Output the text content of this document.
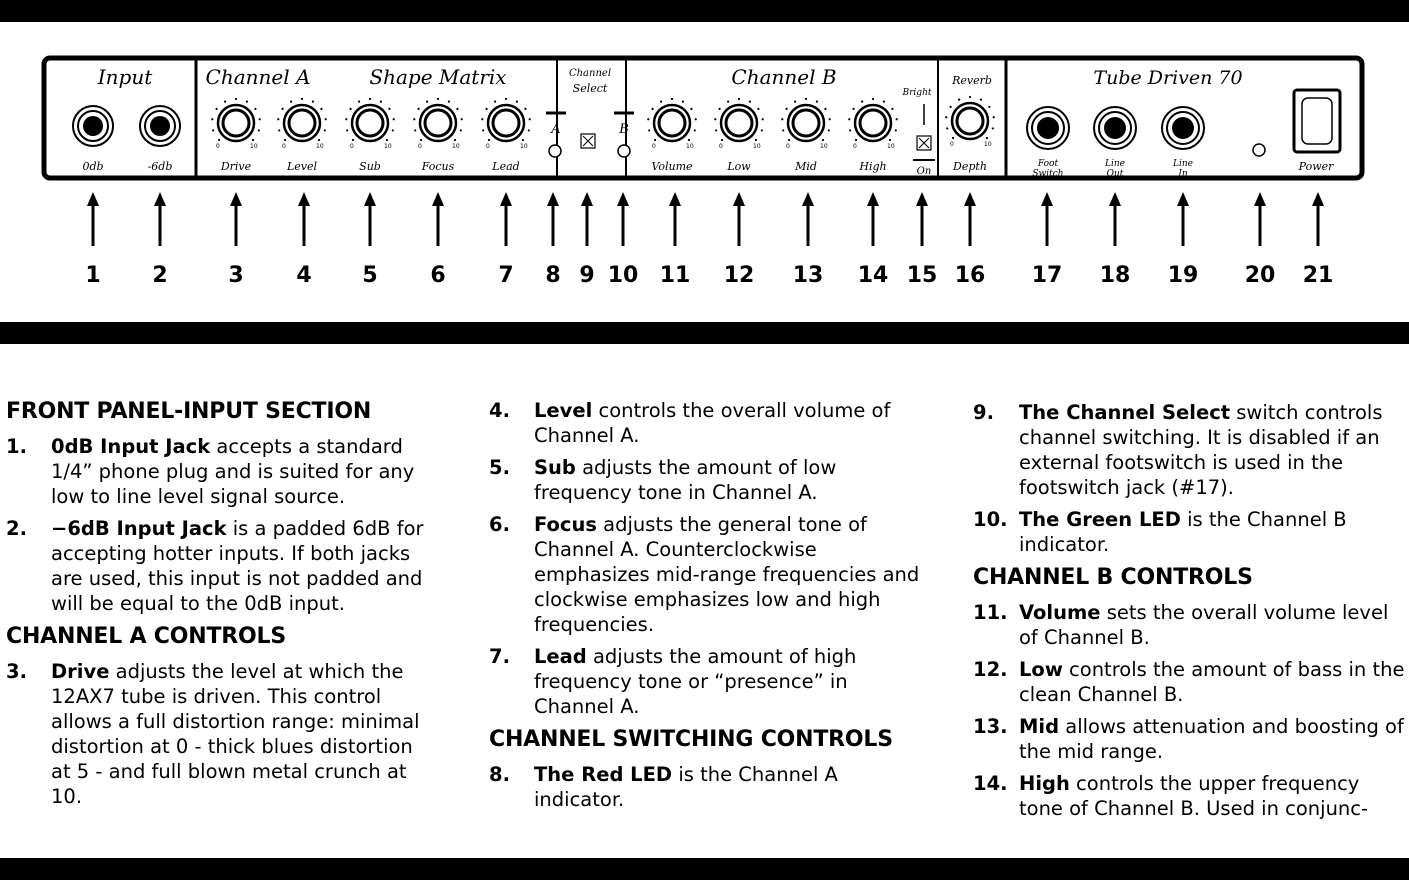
Input	Channel A	Shape Matrix	Channel
Select	Channel B
Bright
Reverb	Tube Driven 70
0db	-6db
0	10	0	10	0	10	0	10	0	10	0	10	0	10	0	10	0	10	0	10
Drive	Level	Sub	Focus	Lead	Volume	Low	Mid	High	Depth
A	B
On
Foot
Switch
Line
Out
Line
In
Power
1 2	3 4 5 6 7 8 9 10 11 12 13 14 15 16 17 18 19 20 21
FRONT PANEL-INPUT SECTION
1. 0dB Input Jack accepts a standard 1/4” phone plug and is suited for any low to line level signal source.
2. −6dB Input Jack is a padded 6dB for accepting hotter inputs. If both jacks are used, this input is not padded and will be equal to the 0dB input.
CHANNEL A CONTROLS
3. Drive adjusts the level at which the 12AX7 tube is driven. This control allows a full distortion range: minimal distortion at 0 - thick blues distortion at 5 - and full blown metal crunch at 10.
4. Level controls the overall volume of Channel A.
5. Sub adjusts the amount of low frequency tone in Channel A.
6. Focus adjusts the general tone of Channel A. Counterclockwise emphasizes mid-range frequencies and clockwise emphasizes low and high frequencies.
7. Lead adjusts the amount of high frequency tone or “presence” in Channel A.
CHANNEL SWITCHING CONTROLS
8. The Red LED is the Channel A indicator.
9. The Channel Select switch controls channel switching. It is disabled if an external footswitch is used in the footswitch jack (#17).
10. The Green LED is the Channel B indicator.
CHANNEL B CONTROLS
11. Volume sets the overall volume level of Channel B.
12. Low controls the amount of bass in the clean Channel B.
13. Mid allows attenuation and boosting of the mid range.
14. High controls the upper frequency tone of Channel B. Used in conjunc-
